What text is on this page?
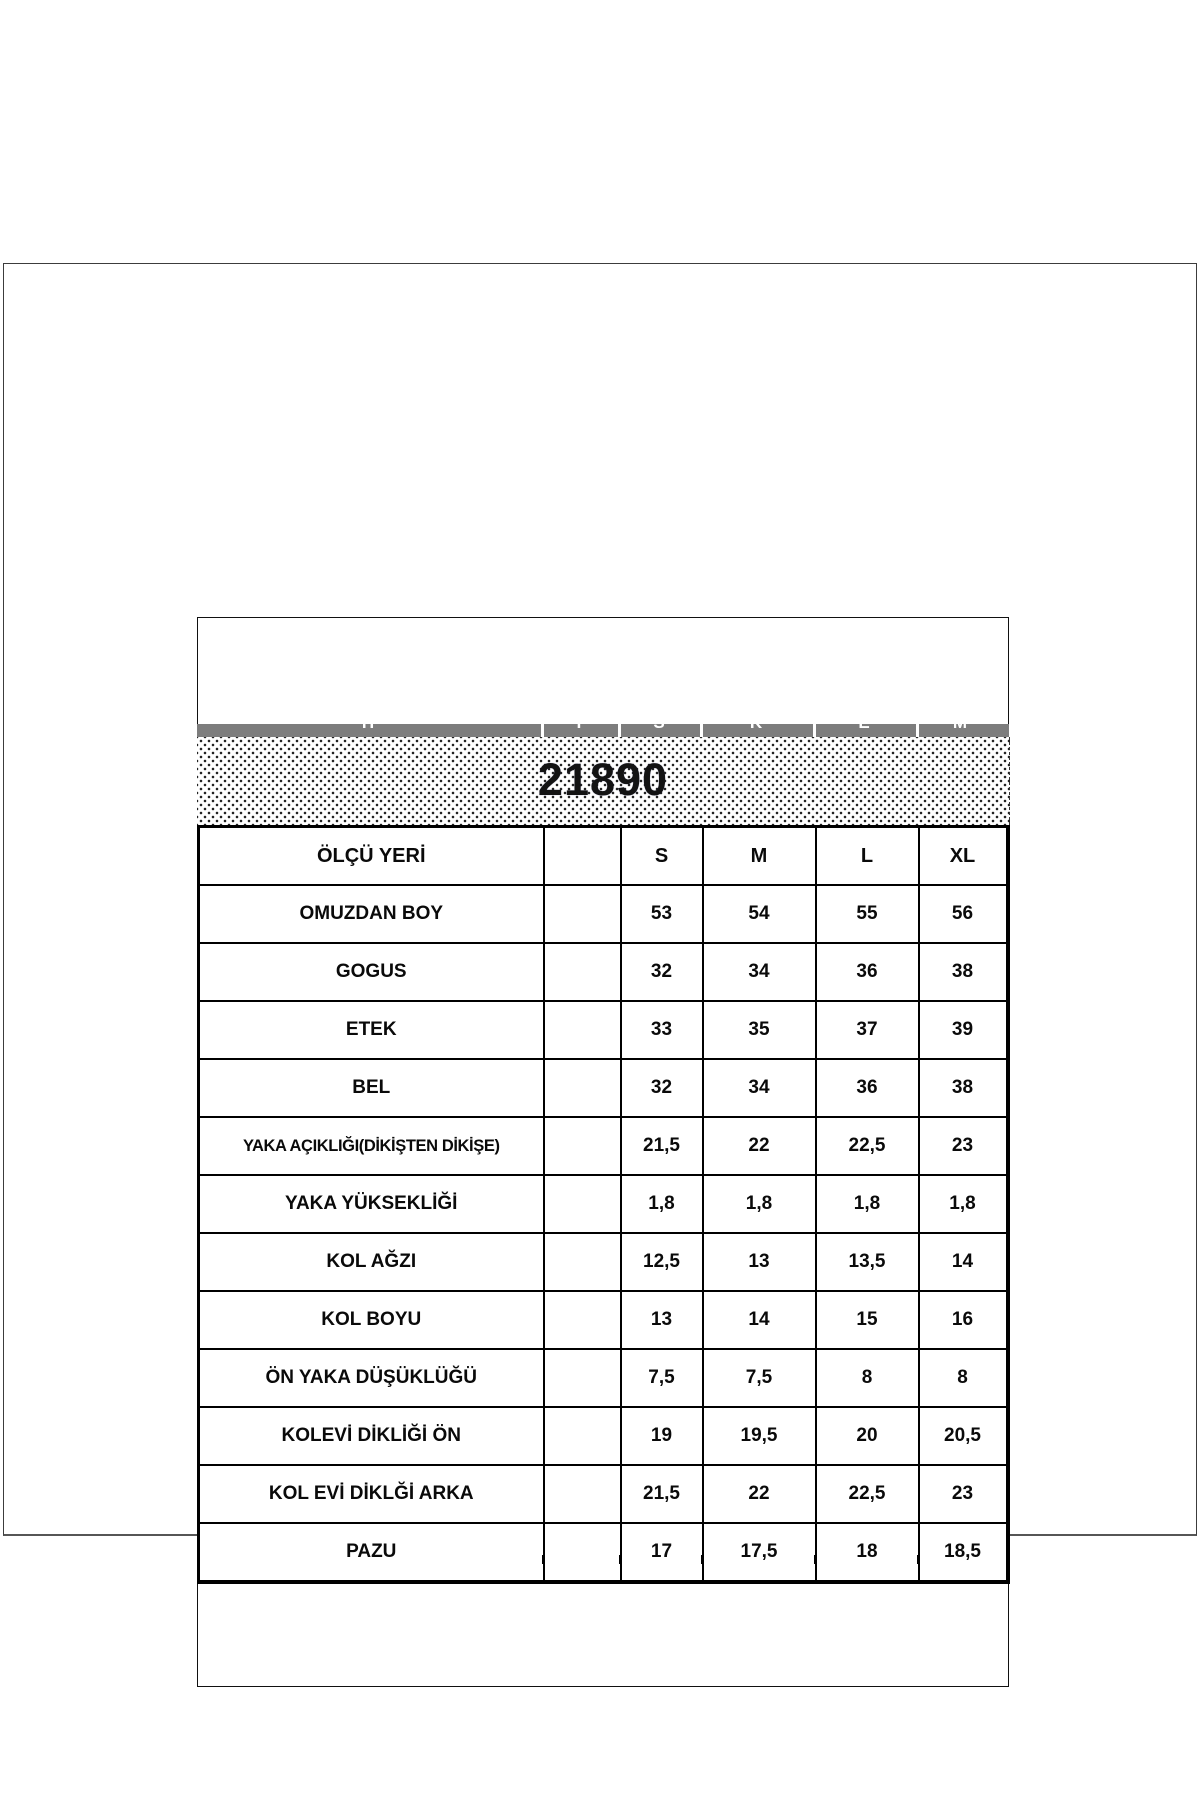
H	T	S	K	E	M
21890
ÖLÇÜ YERİ		S	M	L	XL
OMUZDAN BOY		53	54	55	56
GOGUS		32	34	36	38
ETEK		33	35	37	39
BEL		32	34	36	38
YAKA AÇIKLIĞI(DİKİŞTEN DİKİŞE)		21,5	22	22,5	23
YAKA YÜKSEKLİĞİ		1,8	1,8	1,8	1,8
KOL AĞZI		12,5	13	13,5	14
KOL BOYU		13	14	15	16
ÖN YAKA DÜŞÜKLÜĞÜ		7,5	7,5	8	8
KOLEVİ DİKLİĞİ ÖN		19	19,5	20	20,5
KOL EVİ DİKLĞİ ARKA		21,5	22	22,5	23
PAZU		17	17,5	18	18,5
